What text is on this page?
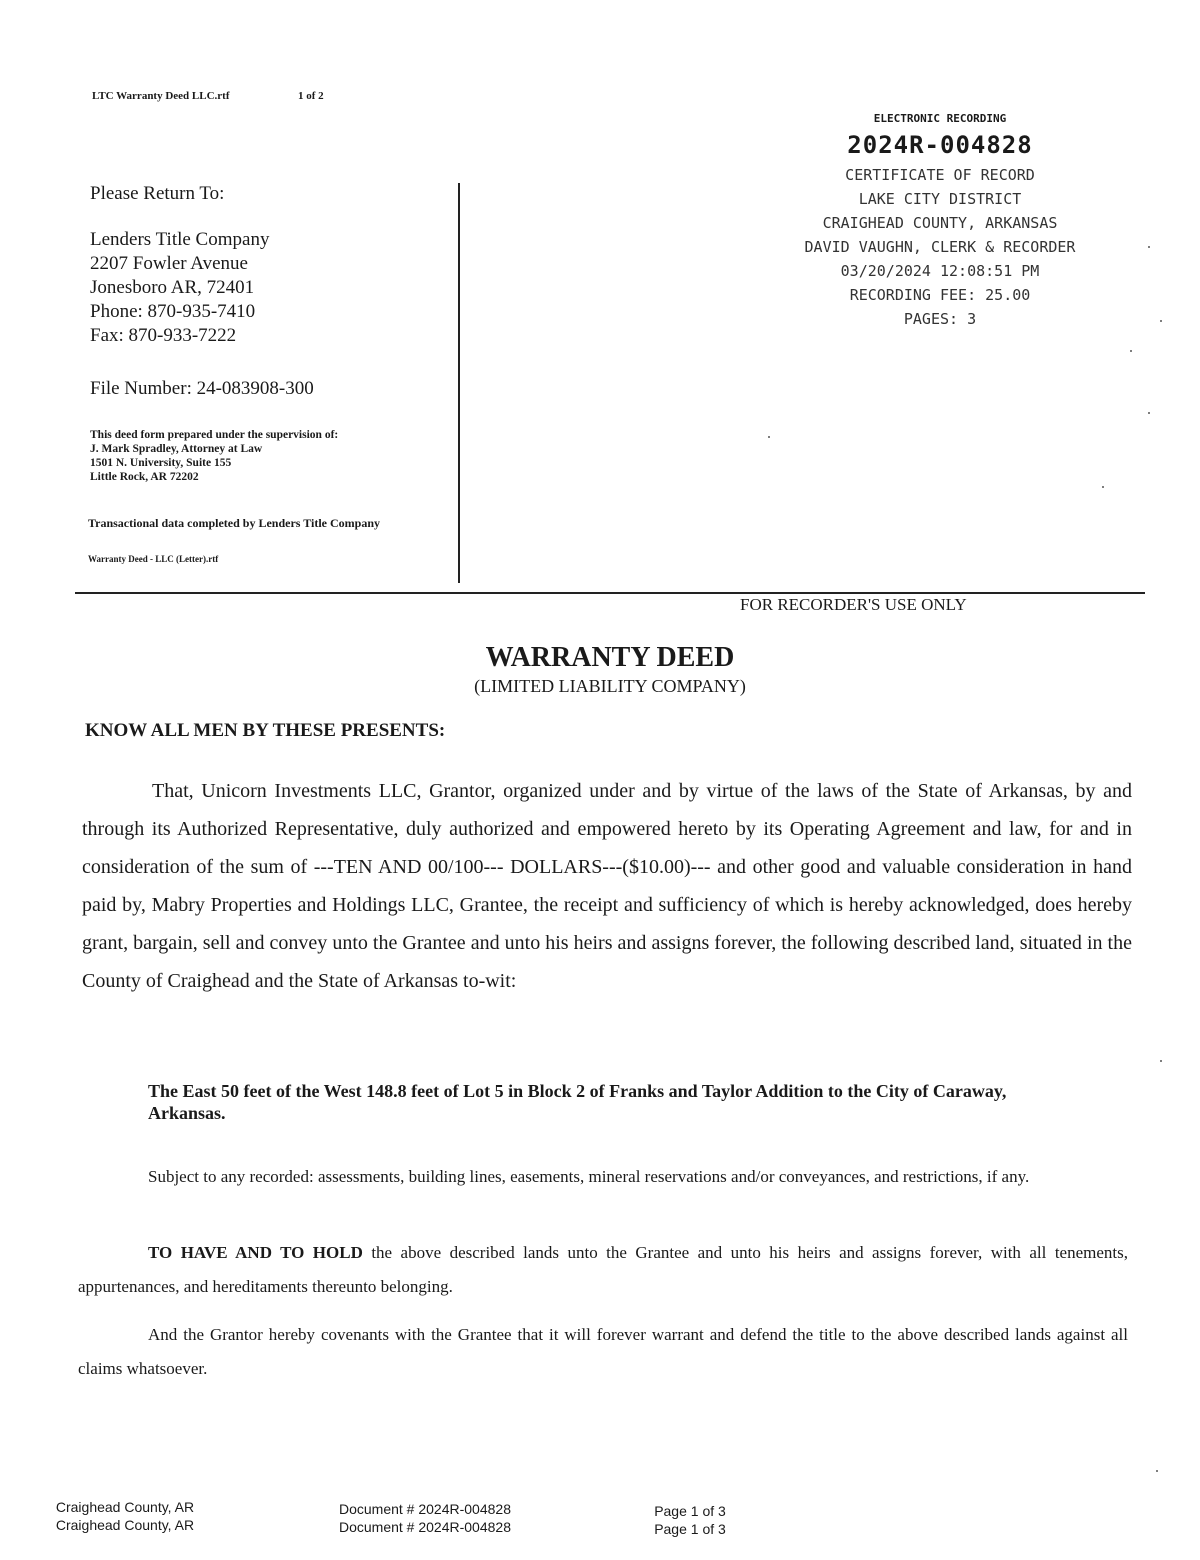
LTC Warranty Deed LLC.rtf	1 of 2
Please Return To:
Lenders Title Company
2207 Fowler Avenue
Jonesboro AR, 72401
Phone: 870-935-7410
Fax: 870-933-7222
File Number: 24-083908-300
This deed form prepared under the supervision of:
J. Mark Spradley, Attorney at Law
1501 N. University, Suite 155
Little Rock, AR 72202
Transactional data completed by Lenders Title Company
Warranty Deed - LLC (Letter).rtf
ELECTRONIC RECORDING
2024R-004828
CERTIFICATE OF RECORD
LAKE CITY DISTRICT
CRAIGHEAD COUNTY, ARKANSAS
DAVID VAUGHN, CLERK & RECORDER
03/20/2024 12:08:51 PM
RECORDING FEE: 25.00
PAGES: 3
FOR RECORDER'S USE ONLY
WARRANTY DEED
(LIMITED LIABILITY COMPANY)
KNOW ALL MEN BY THESE PRESENTS:
That, Unicorn Investments LLC, Grantor, organized under and by virtue of the laws of the State of Arkansas, by and through its Authorized Representative, duly authorized and empowered hereto by its Operating Agreement and law, for and in consideration of the sum of ---TEN AND 00/100--- DOLLARS---($10.00)--- and other good and valuable consideration in hand paid by, Mabry Properties and Holdings LLC, Grantee, the receipt and sufficiency of which is hereby acknowledged, does hereby grant, bargain, sell and convey unto the Grantee and unto his heirs and assigns forever, the following described land, situated in the County of Craighead and the State of Arkansas to-wit:
The East 50 feet of the West 148.8 feet of Lot 5 in Block 2 of Franks and Taylor Addition to the City of Caraway, Arkansas.
Subject to any recorded: assessments, building lines, easements, mineral reservations and/or conveyances, and restrictions, if any.
TO HAVE AND TO HOLD the above described lands unto the Grantee and unto his heirs and assigns forever, with all tenements, appurtenances, and hereditaments thereunto belonging.
And the Grantor hereby covenants with the Grantee that it will forever warrant and defend the title to the above described lands against all claims whatsoever.
Craighead County, AR
Craighead County, AR
Document # 2024R-004828
Document # 2024R-004828
Page 1 of 3
Page 1 of 3
